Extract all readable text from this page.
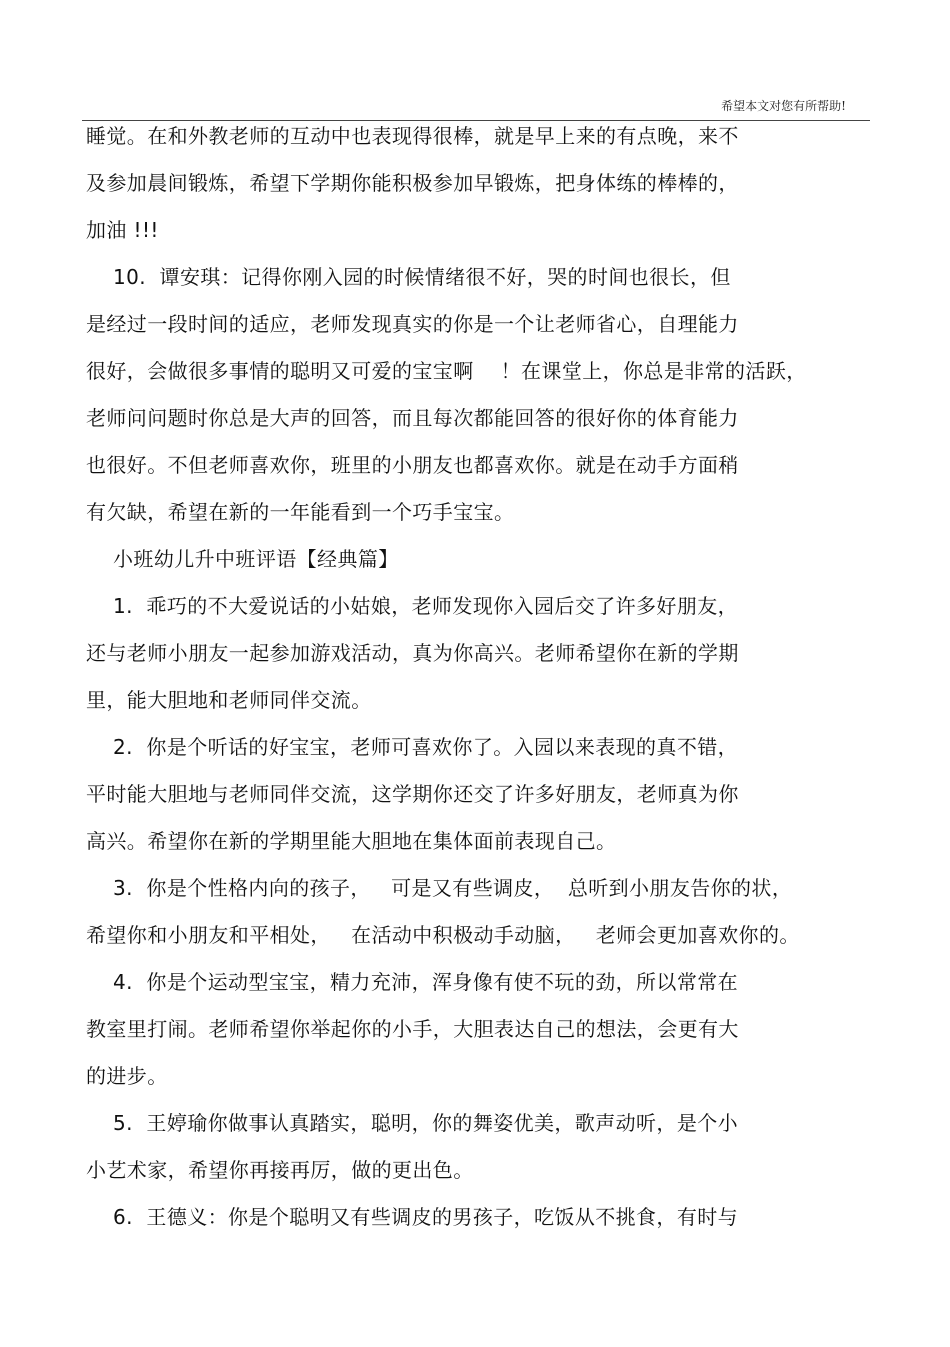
希望本文对您有所帮助!
睡觉。在和外教老师的互动中也表现得很棒，就是早上来的有点晚，来不
及参加晨间锻炼，希望下学期你能积极参加早锻炼，把身体练的棒棒的，
加油 !!!
10.  谭安琪：记得你刚入园的时候情绪很不好，哭的时间也很长，但
是经过一段时间的适应，老师发现真实的你是一个让老师省心，自理能力
很好，会做很多事情的聪明又可爱的宝宝啊    ！在课堂上，你总是非常的活跃，
老师问问题时你总是大声的回答，而且每次都能回答的很好你的体育能力
也很好。不但老师喜欢你，班里的小朋友也都喜欢你。就是在动手方面稍
有欠缺，希望在新的一年能看到一个巧手宝宝。
小班幼儿升中班评语【经典篇】
1.  乖巧的不大爱说话的小姑娘，老师发现你入园后交了许多好朋友，
还与老师小朋友一起参加游戏活动，真为你高兴。老师希望你在新的学期
里，能大胆地和老师同伴交流。
2.  你是个听话的好宝宝，老师可喜欢你了。入园以来表现的真不错，
平时能大胆地与老师同伴交流，这学期你还交了许多好朋友，老师真为你
高兴。希望你在新的学期里能大胆地在集体面前表现自己。
3.  你是个性格内向的孩子，   可是又有些调皮，  总听到小朋友告你的状，
希望你和小朋友和平相处，   在活动中积极动手动脑，   老师会更加喜欢你的。
4.  你是个运动型宝宝，精力充沛，浑身像有使不玩的劲，所以常常在
教室里打闹。老师希望你举起你的小手，大胆表达自己的想法，会更有大
的进步。
5.  王婷瑜你做事认真踏实，聪明，你的舞姿优美，歌声动听，是个小
小艺术家，希望你再接再厉，做的更出色。
6.  王德义：你是个聪明又有些调皮的男孩子，吃饭从不挑食，有时与
